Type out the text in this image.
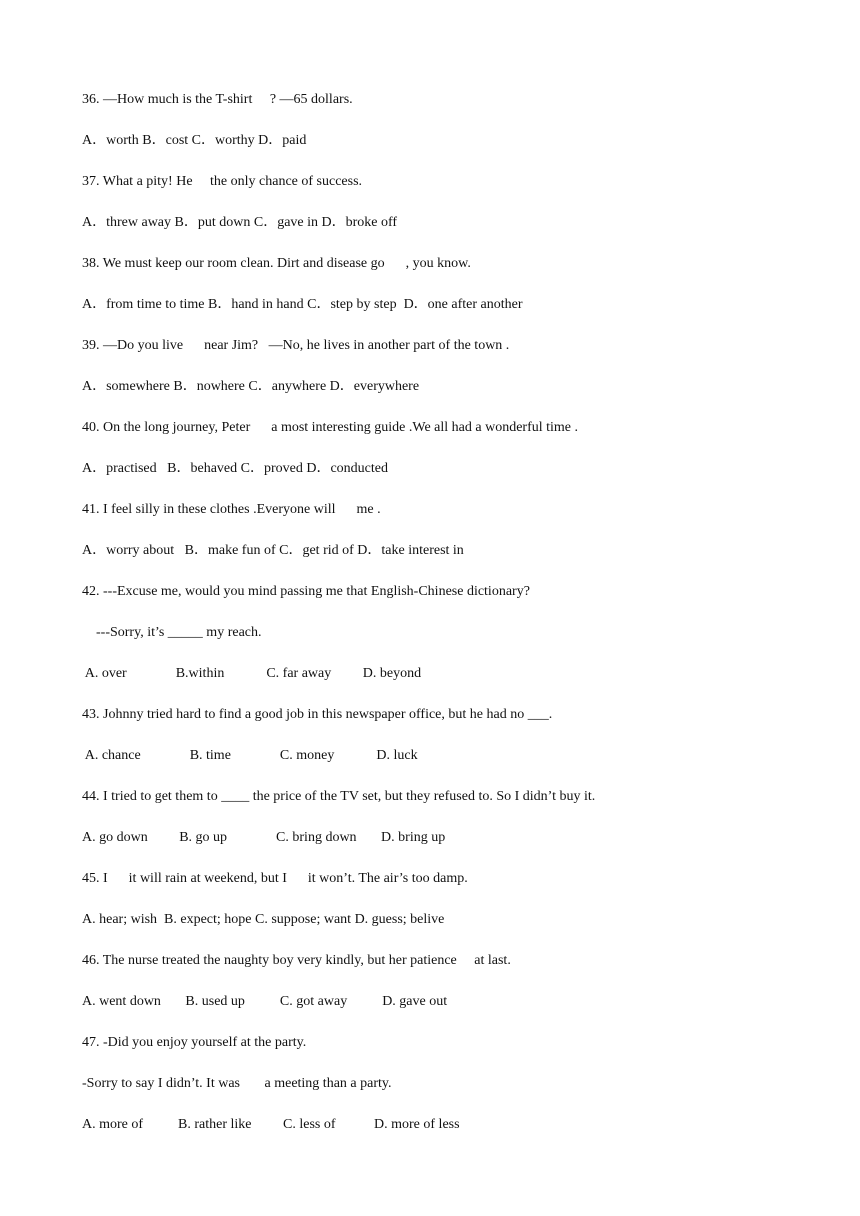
36. —How much is the T-shirt     ? —65 dollars.
A．worth B．cost C．worthy D．paid
37. What a pity! He     the only chance of success.
A．threw away B．put down C．gave in D．broke off
38. We must keep our room clean. Dirt and disease go      , you know.
A．from time to time B．hand in hand C．step by step  D．one after another
39. —Do you live      near Jim?   —No, he lives in another part of the town .
A．somewhere B．nowhere C．anywhere D．everywhere
40. On the long journey, Peter      a most interesting guide .We all had a wonderful time .
A．practised   B．behaved C．proved D．conducted
41. I feel silly in these clothes .Everyone will      me .
A．worry about   B．make fun of C．get rid of D．take interest in
42. ---Excuse me, would you mind passing me that English-Chinese dictionary?
---Sorry, it’s _____ my reach.
A. over              B.within            C. far away         D. beyond
43. Johnny tried hard to find a good job in this newspaper office, but he had no ___.
A. chance              B. time              C. money            D. luck
44. I tried to get them to ____ the price of the TV set, but they refused to. So I didn’t buy it.
A. go down         B. go up              C. bring down       D. bring up
45. I      it will rain at weekend, but I      it won’t. The air’s too damp.
A. hear; wish  B. expect; hope C. suppose; want D. guess; belive
46. The nurse treated the naughty boy very kindly, but her patience     at last.
A. went down       B. used up          C. got away          D. gave out
47. -Did you enjoy yourself at the party.
-Sorry to say I didn’t. It was       a meeting than a party.
A. more of          B. rather like         C. less of           D. more of less
